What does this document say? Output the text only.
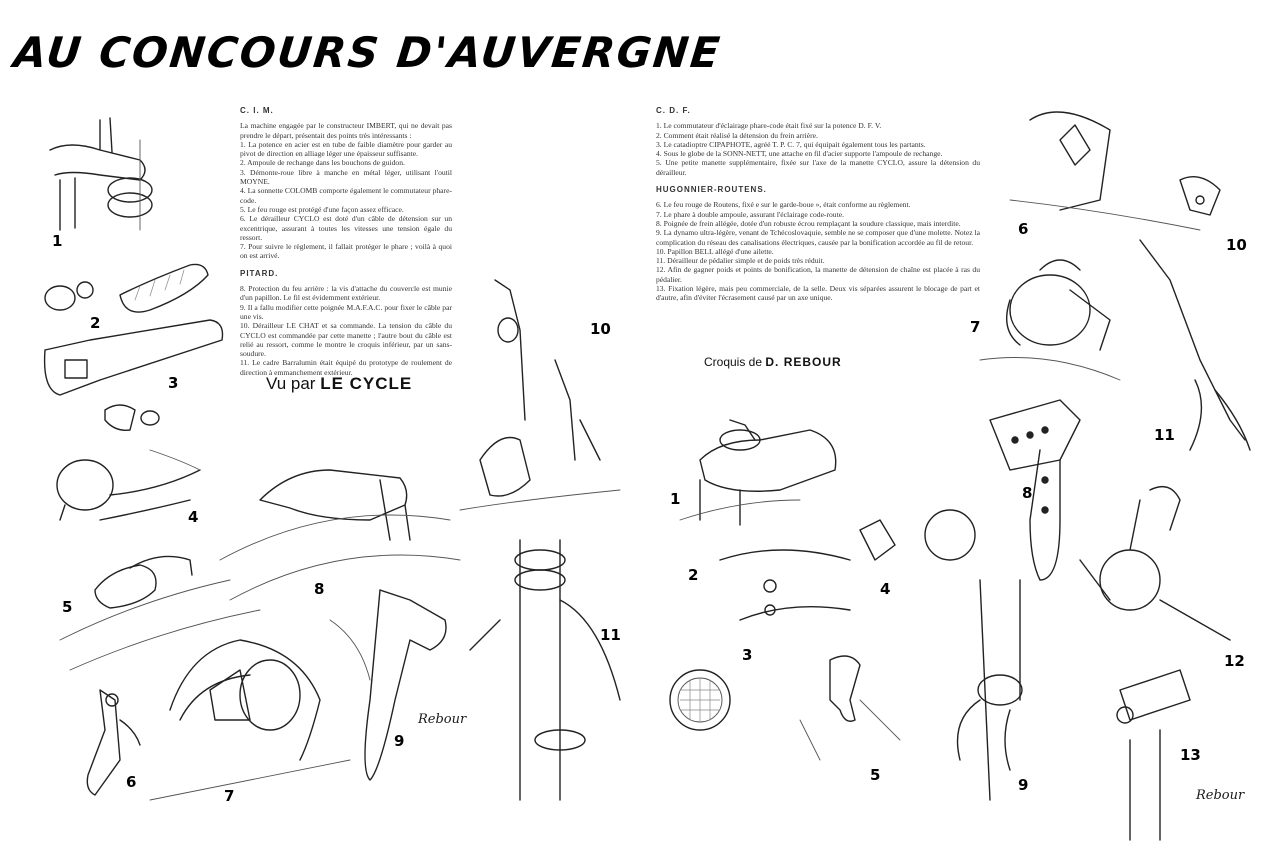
AU CONCOURS D'AUVERGNE
C. I. M.

La machine engagée par le constructeur IMBERT, qui ne devait pas prendre le départ, présentait des points très intéressants :

1. La potence en acier est en tube de faible diamètre pour garder au pivot de direction en alliage léger une épaisseur suffisante.

2. Ampoule de rechange dans les bouchons de guidon.

3. Démonte-roue libre à manche en métal léger, utilisant l'outil MOYNE.

4. La sonnette COLOMB comporte également le commutateur phare-code.

5. Le feu rouge est protégé d'une façon assez efficace.

6. Le dérailleur CYCLO est doté d'un câble de détension sur un excentrique, assurant à toutes les vitesses une tension égale du ressort.

7. Pour suivre le règlement, il fallait protéger le phare ; voilà à quoi on est arrivé.

PITARD.

8. Protection du feu arrière : la vis d'attache du couvercle est munie d'un papillon. Le fil est évidemment extérieur.

9. Il a fallu modifier cette poignée M.A.F.A.C. pour fixer le câble par une vis.

10. Dérailleur LE CHAT et sa commande. La tension du câble du CYCLO est commandée par cette manette ; l'autre bout du câble est relié au ressort, comme le montre le croquis inférieur, par un sans-soudure.

11. Le cadre Barralumin était équipé du prototype de roulement de direction à emmanchement extérieur.

C. D. F.

1. Le commutateur d'éclairage phare-code était fixé sur la potence D. F. V.

2. Comment était réalisé la détension du frein arrière.

3. Le catadioptre CIPAPHOTE, agréé T. P. C. 7, qui équipait également tous les partants.

4. Sous le globe de la SONN-NETT, une attache en fil d'acier supporte l'ampoule de rechange.

5. Une petite manette supplémentaire, fixée sur l'axe de la manette CYCLO, assure la détension du dérailleur.

HUGONNIER-ROUTENS.

6. Le feu rouge de Routens, fixé e sur le garde-boue », était conforme au règlement.

7. Le phare à double ampoule, assurant l'éclairage code-route.

8. Poignée de frein allégée, dotée d'un robuste écrou remplaçant la soudure classique, mais interdite.

9. La dynamo ultra-légère, venant de Tchécoslovaquie, semble ne se composer que d'une molette. Notez la complication du réseau des canalisations électriques, causée par la bonification accordée au fil de retour.

10. Papillon BELL allégé d'une ailette.

11. Dérailleur de pédalier simple et de poids très réduit.

12. Afin de gagner poids et points de bonification, la manette de détension de chaîne est placée à ras du pédalier.

13. Fixation légère, mais peu commerciale, de la selle. Deux vis séparées assurent le blocage de part et d'autre, afin d'éviter l'écrasement causé par un axe unique.

Vu par LE CYCLE
Croquis de D. REBOUR
1
2
3
4
5
6
7
8
9
10
11
1
2
3
4
5
6
7
8
9
10
11
12
13
Rebour
Rebour
